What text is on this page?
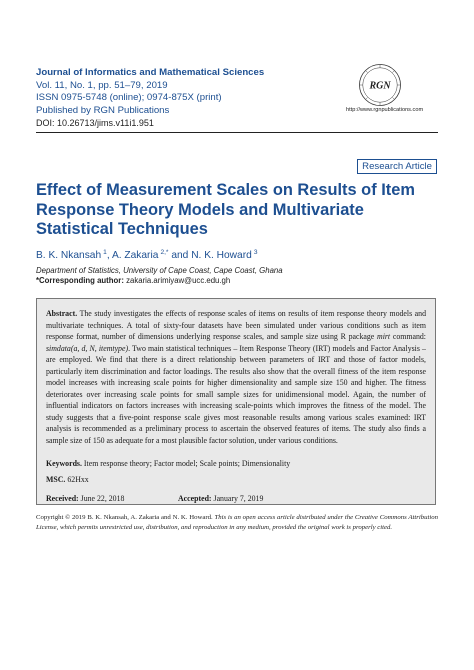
Journal of Informatics and Mathematical Sciences
Vol. 11, No. 1, pp. 51–79, 2019
ISSN 0975-5748 (online); 0974-875X (print)
Published by RGN Publications
DOI: 10.26713/jims.v11i1.951
RGN
http://www.rgnpublications.com
Research Article
Effect of Measurement Scales on Results of Item Response Theory Models and Multivariate Statistical Techniques
B. K. Nkansah  $^1$, A. Zakaria  $^{2,*}$ and N. K. Howard  $^3$
Department of Statistics, University of Cape Coast, Cape Coast, Ghana
*Corresponding author: zakaria.arimiyaw@ucc.edu.gh

Abstract. The study investigates the effects of response scales of items on results of item response theory models and multivariate techniques. A total of sixty-four datasets have been simulated under various conditions such as item response format, number of dimensions underlying response scales, and sample size using R package mirt command: simdata(a, d, N, itemtype). Two main statistical techniques – Item Response Theory (IRT) models and Factor Analysis – are employed. We find that there is a direct relationship between parameters of IRT and those of factor models, particularly item discrimination and factor loadings. The results also show that the overall fitness of the item response model increases with increasing scale points for higher dimensionality and sample size 150 and higher. The fitness deteriorates over increasing scale points for small sample sizes for unidimensional model. Again, the number of influential indicators on factors increases with increasing scale-points which improves the fitness of the model. The study suggests that a five-point response scale gives most reasonable results among various scales examined: IRT analysis is recommended as a preliminary process to ascertain the observed features of items. The study also finds a sample size of 150 as adequate for a most plausible factor solution, under various conditions.

Keywords. Item response theory; Factor model; Scale points; Dimensionality
MSC. 62Hxx
Received: June 22, 2018	Accepted: January 7, 2019

Copyright © 2019 B. K. Nkansah, A. Zakaria and N. K. Howard. This is an open access article distributed under the Creative Commons Attribution License, which permits unrestricted use, distribution, and reproduction in any medium, provided the original work is properly cited.
